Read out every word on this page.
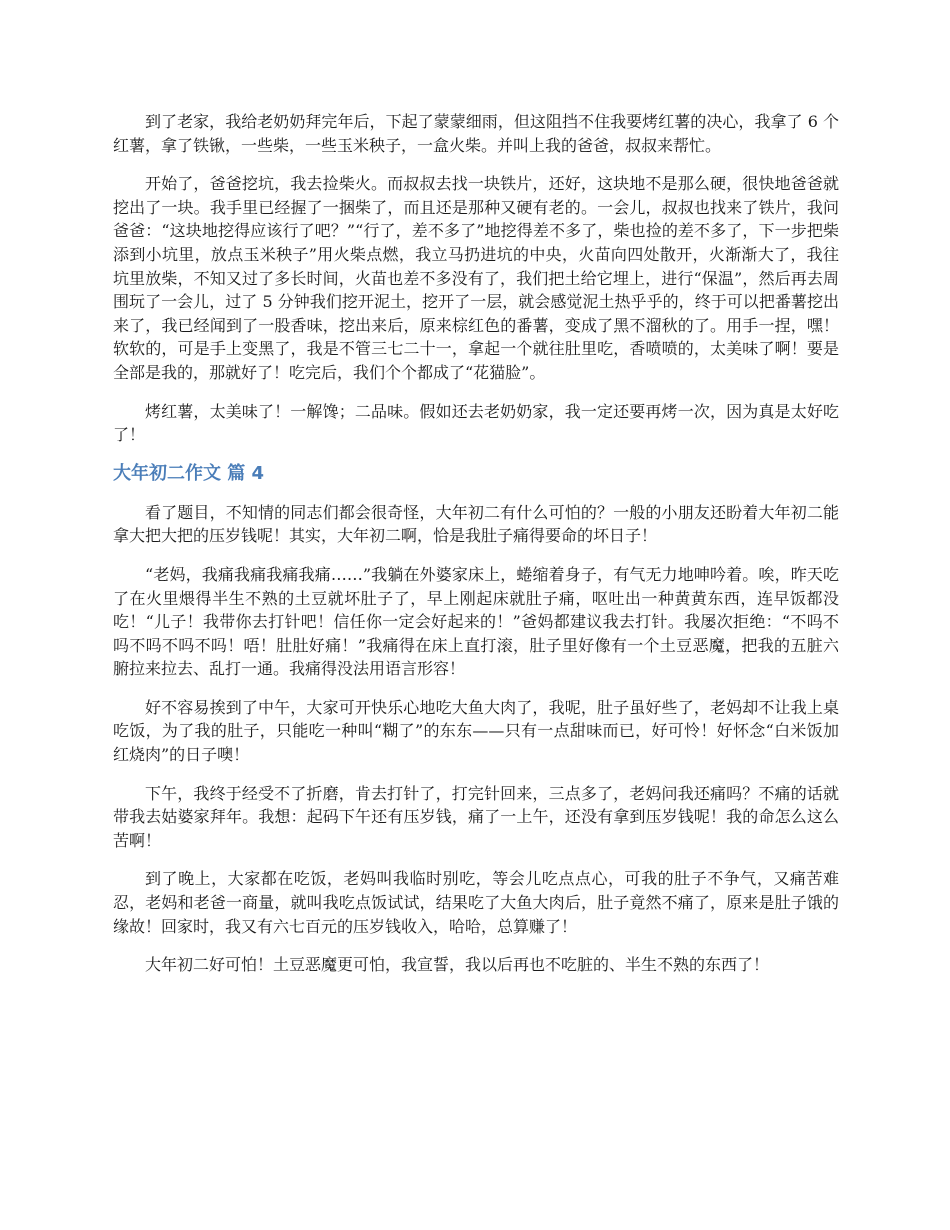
到了老家，我给老奶奶拜完年后，下起了蒙蒙细雨，但这阻挡不住我要烤红薯的决心，我拿了 6 个红薯，拿了铁锹，一些柴，一些玉米秧子，一盒火柴。并叫上我的爸爸，叔叔来帮忙。

开始了，爸爸挖坑，我去捡柴火。而叔叔去找一块铁片，还好，这块地不是那么硬，很快地爸爸就挖出了一块。我手里已经握了一捆柴了，而且还是那种又硬有老的。一会儿，叔叔也找来了铁片，我问爸爸：“这块地挖得应该行了吧？”“行了，差不多了”地挖得差不多了，柴也捡的差不多了，下一步把柴添到小坑里，放点玉米秧子”用火柴点燃，我立马扔进坑的中央，火苗向四处散开，火渐渐大了，我往坑里放柴，不知又过了多长时间，火苗也差不多没有了，我们把土给它埋上，进行“保温”，然后再去周围玩了一会儿，过了 5 分钟我们挖开泥土，挖开了一层，就会感觉泥土热乎乎的，终于可以把番薯挖出来了，我已经闻到了一股香味，挖出来后，原来棕红色的番薯，变成了黑不溜秋的了。用手一捏，嘿！软软的，可是手上变黑了，我是不管三七二十一，拿起一个就往肚里吃，香喷喷的，太美味了啊！要是全部是我的，那就好了！吃完后，我们个个都成了“花猫脸”。

烤红薯，太美味了！一解馋；二品味。假如还去老奶奶家，我一定还要再烤一次，因为真是太好吃了！

大年初二作文 篇 4

看了题目，不知情的同志们都会很奇怪，大年初二有什么可怕的？一般的小朋友还盼着大年初二能拿大把大把的压岁钱呢！其实，大年初二啊，恰是我肚子痛得要命的坏日子！

“老妈，我痛我痛我痛我痛……”我躺在外婆家床上，蜷缩着身子，有气无力地呻吟着。唉，昨天吃了在火里煨得半生不熟的土豆就坏肚子了，早上刚起床就肚子痛，呕吐出一种黄黄东西，连早饭都没吃！“儿子！我带你去打针吧！信任你一定会好起来的！”爸妈都建议我去打针。我屡次拒绝：“不吗不吗不吗不吗不吗！唔！肚肚好痛！”我痛得在床上直打滚，肚子里好像有一个土豆恶魔，把我的五脏六腑拉来拉去、乱打一通。我痛得没法用语言形容！

好不容易挨到了中午，大家可开快乐心地吃大鱼大肉了，我呢，肚子虽好些了，老妈却不让我上桌吃饭，为了我的肚子，只能吃一种叫“糊了”的东东——只有一点甜味而已，好可怜！好怀念“白米饭加红烧肉”的日子噢！

下午，我终于经受不了折磨，肯去打针了，打完针回来，三点多了，老妈问我还痛吗？不痛的话就带我去姑婆家拜年。我想：起码下午还有压岁钱，痛了一上午，还没有拿到压岁钱呢！我的命怎么这么苦啊！

到了晚上，大家都在吃饭，老妈叫我临时别吃，等会儿吃点点心，可我的肚子不争气，又痛苦难忍，老妈和老爸一商量，就叫我吃点饭试试，结果吃了大鱼大肉后，肚子竟然不痛了，原来是肚子饿的缘故！回家时，我又有六七百元的压岁钱收入，哈哈，总算赚了！

大年初二好可怕！土豆恶魔更可怕，我宣誓，我以后再也不吃脏的、半生不熟的东西了！
